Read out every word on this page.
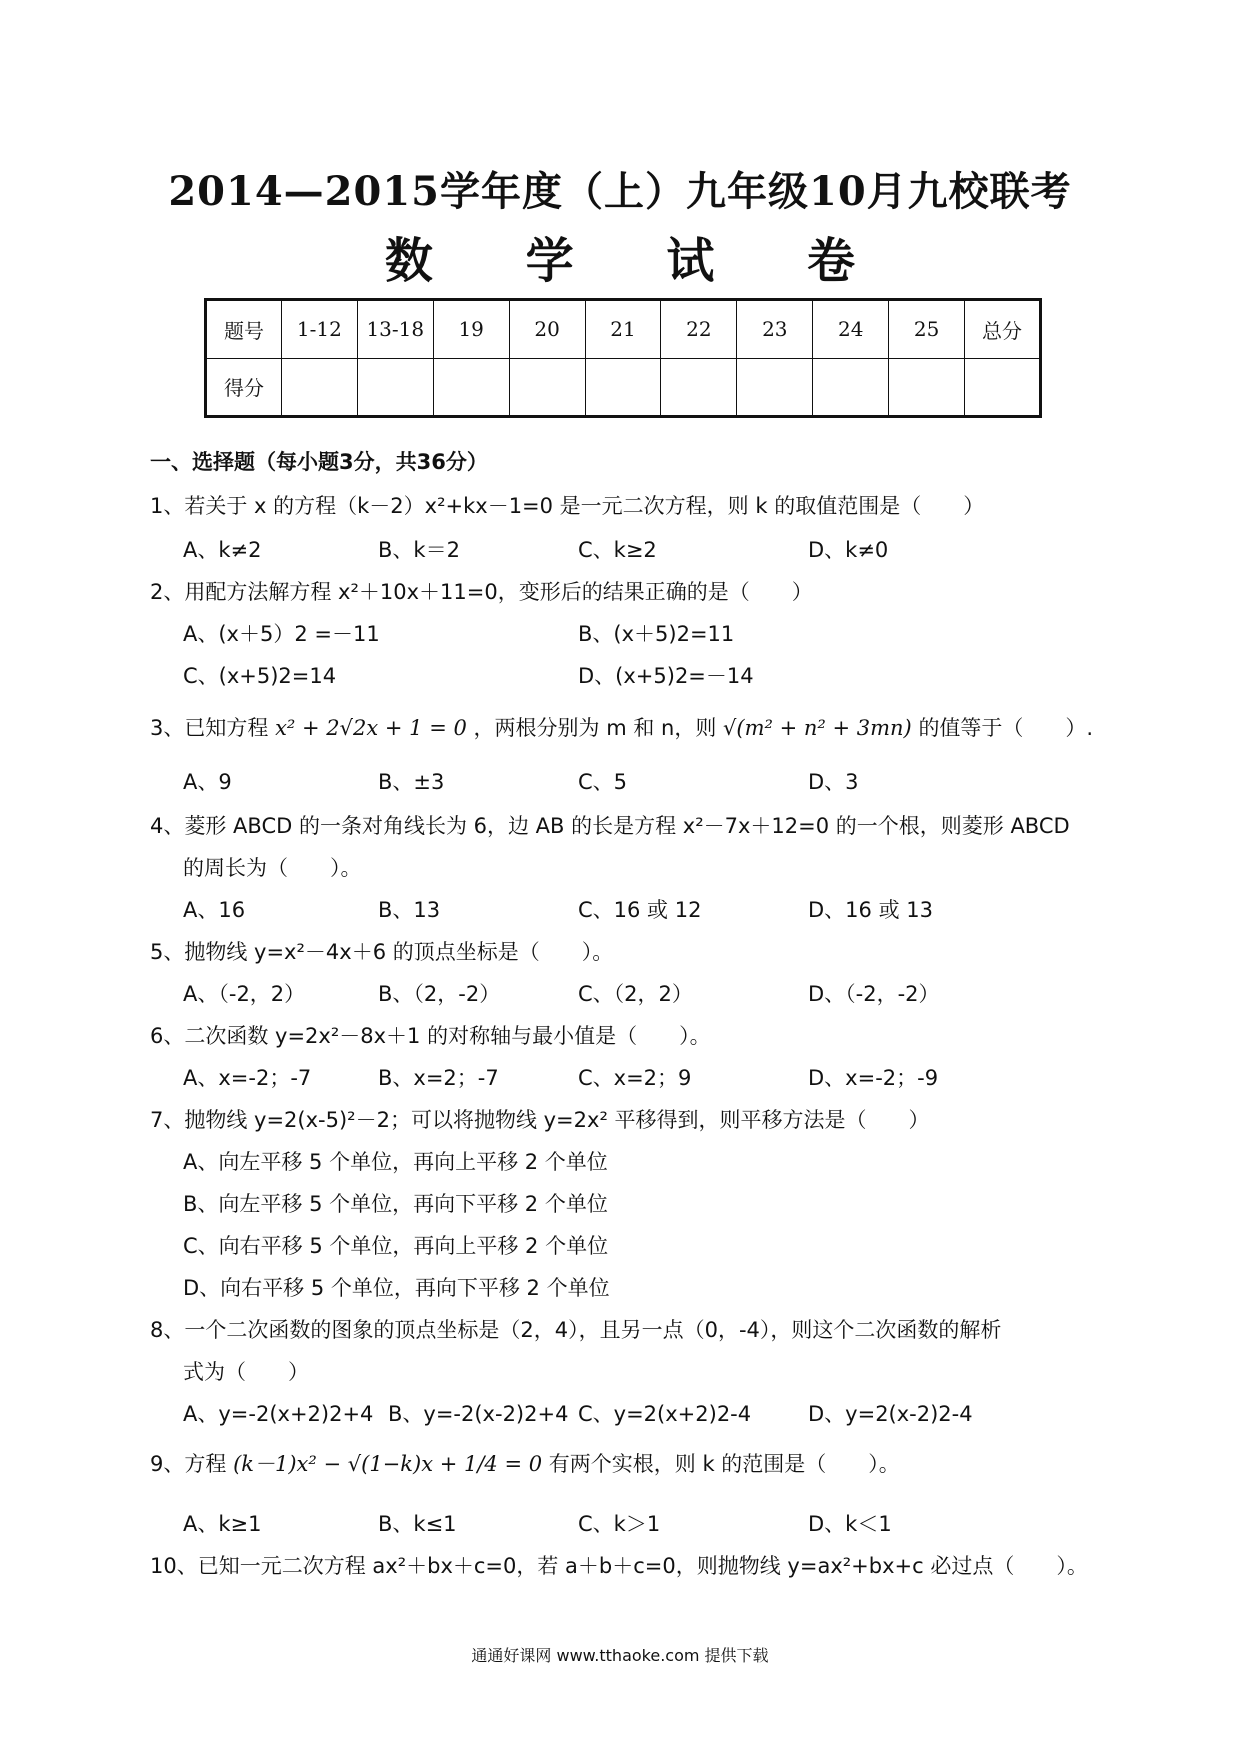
2014—2015学年度（上）九年级10月九校联考
数 学 试 卷
题号	1-12	13-18	19	20	21	22	23	24	25	总分
得分										
一、选择题（每小题3分，共36分）
1、若关于 x 的方程（k－2）x²+kx－1=0 是一元二次方程，则 k 的取值范围是（　　）
A、k≠2	B、k＝2	C、k≥2	D、k≠0
2、用配方法解方程 x²＋10x＋11=0，变形后的结果正确的是（　　）
A、(x＋5）2 =－11	B、(x＋5)2=11
C、(x+5)2=14	D、(x+5)2=－14
3、已知方程 x² + 2√2x + 1 = 0 ，两根分别为 m 和 n，则 √(m² + n² + 3mn) 的值等于（　　）.
A、9	B、±3	C、5	D、3
4、菱形 ABCD 的一条对角线长为 6，边 AB 的长是方程 x²－7x＋12=0 的一个根，则菱形 ABCD
的周长为（　　）。
A、16	B、13	C、16 或 12	D、16 或 13
5、抛物线 y=x²－4x＋6 的顶点坐标是（　　）。
A、（-2，2）	B、（2，-2）	C、（2，2）	D、（-2，-2）
6、二次函数 y=2x²－8x＋1 的对称轴与最小值是（　　）。
A、x=-2；-7	B、x=2；-7	C、x=2；9	D、x=-2；-9
7、抛物线 y=2(x-5)²－2；可以将抛物线 y=2x² 平移得到，则平移方法是（　　）
A、向左平移 5 个单位，再向上平移 2 个单位
B、向左平移 5 个单位，再向下平移 2 个单位
C、向右平移 5 个单位，再向上平移 2 个单位
D、向右平移 5 个单位，再向下平移 2 个单位
8、一个二次函数的图象的顶点坐标是（2，4），且另一点（0，-4），则这个二次函数的解析
式为（　　）
A、y=-2(x+2)2+4 B、y=-2(x-2)2+4 C、y=2(x+2)2-4	D、y=2(x-2)2-4
9、方程 (k－1)x² − √(1−k)x + 1/4 = 0 有两个实根，则 k 的范围是（　　）。
A、k≥1	B、k≤1	C、k＞1	D、k＜1
10、已知一元二次方程 ax²＋bx＋c=0，若 a＋b＋c=0，则抛物线 y=ax²+bx+c 必过点（　　）。
通通好课网 www.tthaoke.com 提供下载
